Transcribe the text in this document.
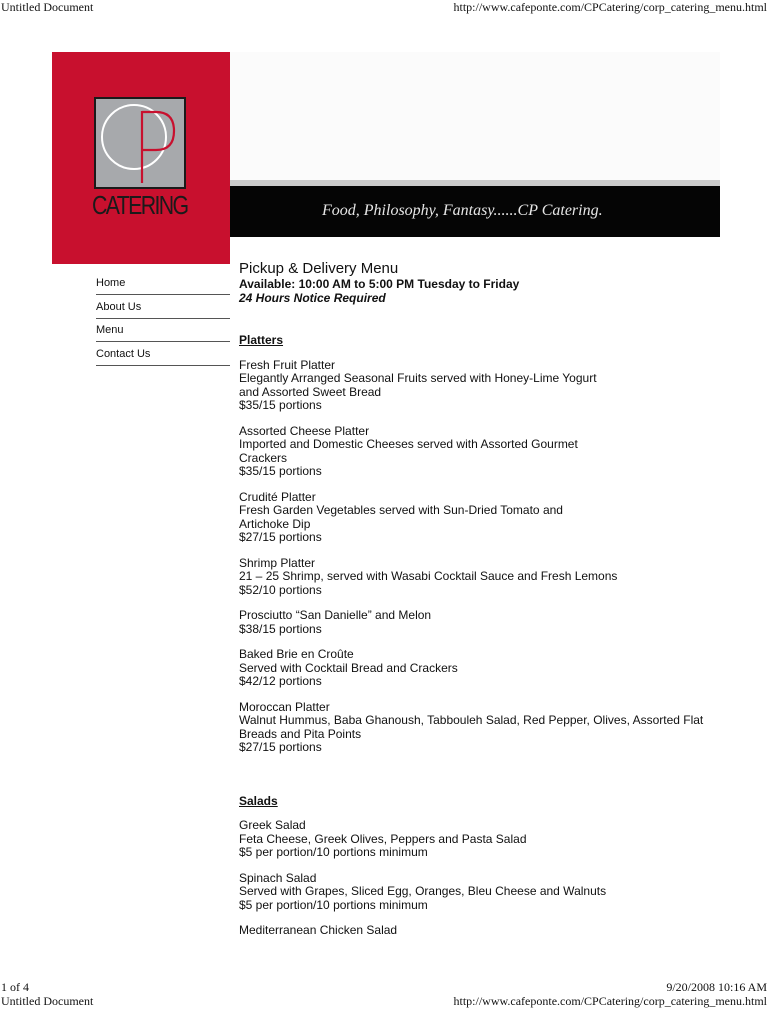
Untitled Document	http://www.cafeponte.com/CPCatering/corp_catering_menu.html
CATERING	Food, Philosophy, Fantasy......CP Catering.
Home
About Us
Menu
Contact Us
Pickup & Delivery Menu
Available: 10:00 AM to 5:00 PM Tuesday to Friday
24 Hours Notice Required

Platters

Fresh Fruit Platter

Elegantly Arranged Seasonal Fruits served with Honey-Lime Yogurt

and Assorted Sweet Bread

$35/15 portions

Assorted Cheese Platter

Imported and Domestic Cheeses served with Assorted Gourmet

Crackers

$35/15 portions

Crudité Platter

Fresh Garden Vegetables served with Sun-Dried Tomato and

Artichoke Dip

$27/15 portions

Shrimp Platter

21 – 25 Shrimp, served with Wasabi Cocktail Sauce and Fresh Lemons

$52/10 portions

Prosciutto “San Danielle” and Melon

$38/15 portions

Baked Brie en Croûte

Served with Cocktail Bread and Crackers

$42/12 portions

Moroccan Platter

Walnut Hummus, Baba Ghanoush, Tabbouleh Salad, Red Pepper, Olives, Assorted Flat

Breads and Pita Points

$27/15 portions

Salads

Greek Salad

Feta Cheese, Greek Olives, Peppers and Pasta Salad

$5 per portion/10 portions minimum

Spinach Salad

Served with Grapes, Sliced Egg, Oranges, Bleu Cheese and Walnuts

$5 per portion/10 portions minimum

Mediterranean Chicken Salad

1 of 4	9/20/2008 10:16 AM
Untitled Document	http://www.cafeponte.com/CPCatering/corp_catering_menu.html
